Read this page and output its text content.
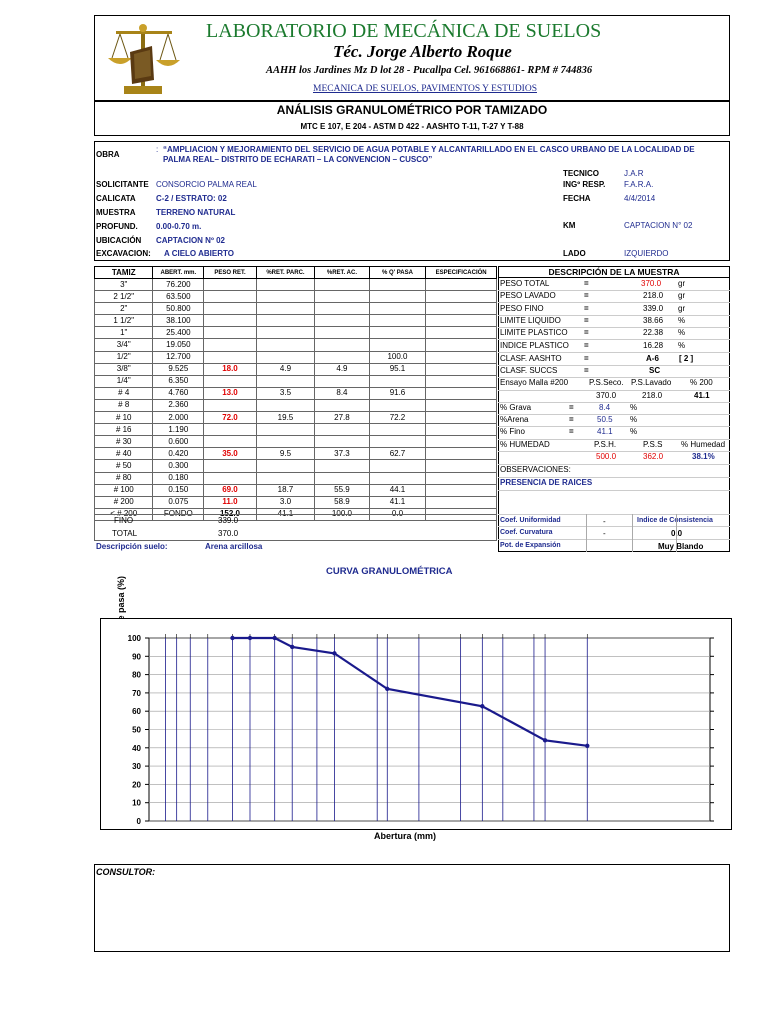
LABORATORIO DE MECÁNICA DE SUELOS
Téc. Jorge Alberto Roque
AAHH los Jardines Mz D lot 28 - Pucallpa Cel. 961668861- RPM # 744836
MECANICA DE SUELOS, PAVIMENTOS Y ESTUDIOS
ANÁLISIS GRANULOMÉTRICO POR TAMIZADO
MTC E 107, E 204 - ASTM D 422 - AASHTO T-11, T-27 Y T-88
OBRA
: “AMPLIACION Y MEJORAMIENTO DEL SERVICIO DE AGUA POTABLE Y ALCANTARILLADO EN EL CASCO URBANO DE LA LOCALIDAD DE PALMA REAL– DISTRITO DE ECHARATI – LA CONVENCION – CUSCO”
TECNICO	J.A.R
SOLICITANTE CONSORCIO PALMA REAL	INGº RESP. F.A.R.A.
CALICATA	C-2 / ESTRATO: 02	FECHA	4/4/2014
MUESTRA	TERRENO NATURAL
PROFUND. 0.00-0.70 m.	KM	CAPTACION N° 02
UBICACIÓN CAPTACION Nº 02
EXCAVACION: A CIELO ABIERTO	LADO	IZQUIERDO
TAMIZ	ABERT. mm.	PESO RET.	%RET. PARC.	%RET. AC.	% Q' PASA	ESPECIFICACIÓN
3"	76.200					
2 1/2"	63.500					
2"	50.800					
1 1/2"	38.100					
1"	25.400					
3/4"	19.050					
1/2"	12.700				100.0	
3/8"	9.525	18.0	4.9	4.9	95.1	
1/4"	6.350					
# 4	4.760	13.0	3.5	8.4	91.6	
# 8	2.360					
# 10	2.000	72.0	19.5	27.8	72.2	
# 16	1.190					
# 30	0.600					
# 40	0.420	35.0	9.5	37.3	62.7	
# 50	0.300					
# 80	0.180					
# 100	0.150	69.0	18.7	55.9	44.1	
# 200	0.075	11.0	3.0	58.9	41.1	
< # 200	FONDO	152.0	41.1	100.0	0.0	
FINO	339.0
TOTAL	370.0
Descripción suelo:	Arena arcillosa
DESCRIPCIÓN DE LA MUESTRA
PESO TOTAL	=	370.0 gr
PESO LAVADO	=	218.0 gr
PESO FINO	=	339.0 gr
LIMITE LIQUIDO	=	38.66 %
LIMITE PLASTICO =	22.38 %
INDICE PLASTICO =	16.28 %
CLASF. AASHTO	=	A-6	[ 2 ]
CLASF. SUCCS	=	SC
Ensayo Malla #200	P.S.Seco. P.S.Lavado % 200
370.0	218.0	41.1
% Grava	=	8.4 %
%Arena	=	50.5 %
% Fino	=	41.1 %
% HUMEDAD	P.S.H.	P.S.S % Humedad
500.0	362.0	38.1%
OBSERVACIONES:
PRESENCIA DE RAICES
Coef. Uniformidad	-	Indice de Consistencia
Coef. Curvatura	-	0.0
Pot. de Expansión	Muy Blando
CURVA GRANULOMÉTRICA
Abertura (mm)
0
10
20
30
40
50
60
70
80
90
100
CONSULTOR:
